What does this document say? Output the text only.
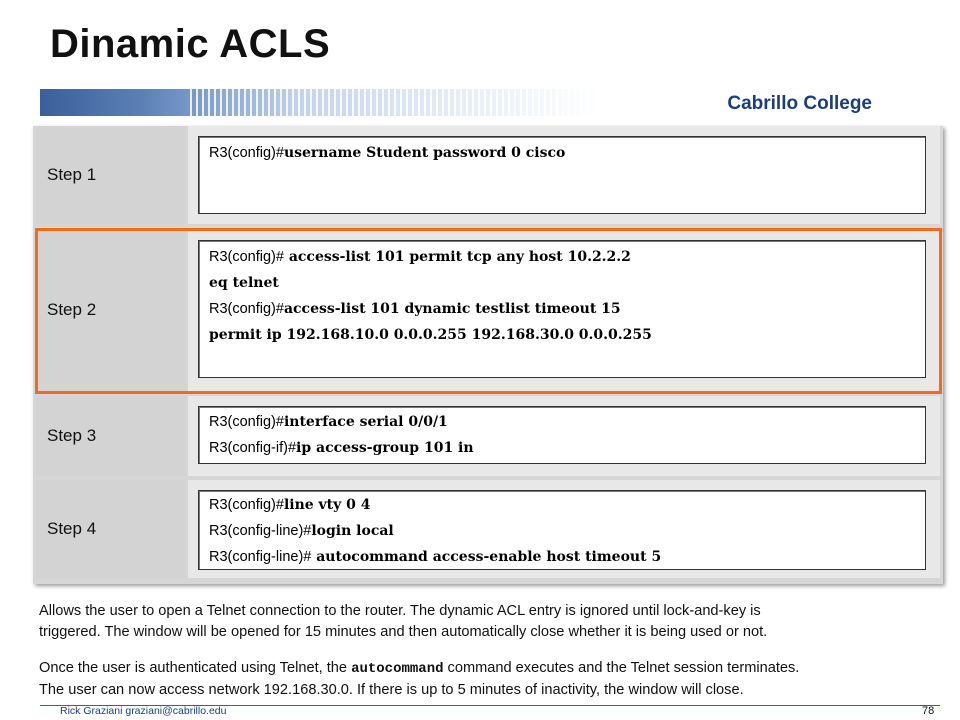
Dinamic ACLS
Cabrillo College
Step 1
R3(config)#username Student password 0 cisco
Step 2
R3(config)# access-list 101 permit tcp any host 10.2.2.2
eq telnet
R3(config)#access-list 101 dynamic testlist timeout 15
permit ip 192.168.10.0 0.0.0.255 192.168.30.0 0.0.0.255
Step 3
R3(config)#interface serial 0/0/1
R3(config-if)#ip access-group 101 in
Step 4
R3(config)#line vty 0 4
R3(config-line)#login local
R3(config-line)# autocommand access-enable host timeout 5
Allows the user to open a Telnet connection to the router. The dynamic ACL entry is ignored until lock-and-key is
triggered. The window will be opened for 15 minutes and then automatically close whether it is being used or not.
Once the user is authenticated using Telnet, the autocommand command executes and the Telnet session terminates.
The user can now access network 192.168.30.0. If there is up to 5 minutes of inactivity, the window will close.
Rick Graziani graziani@cabrillo.edu	78
